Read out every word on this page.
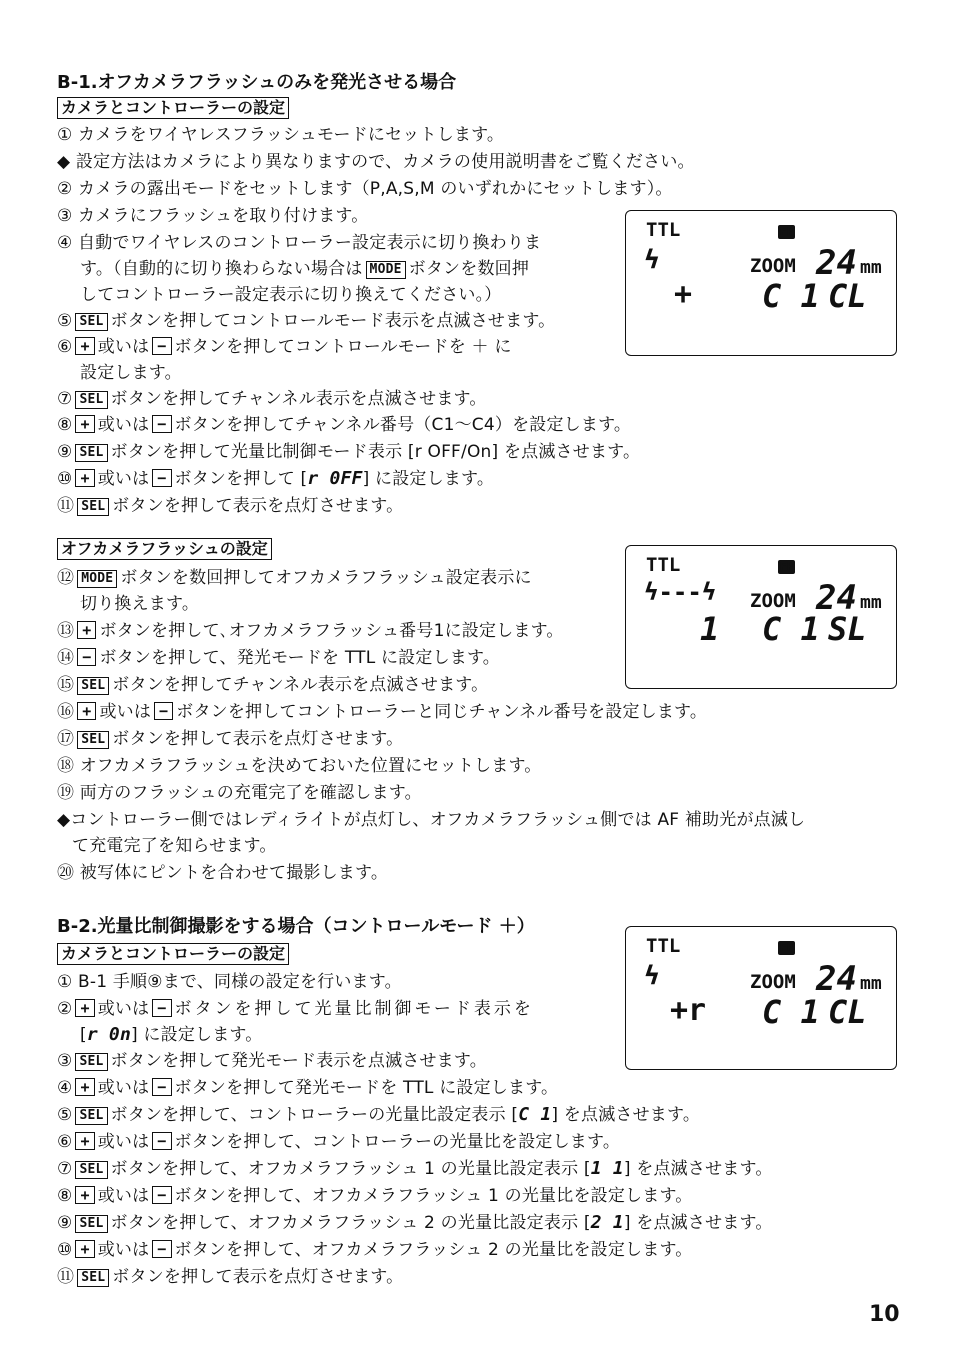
B-1.オフカメラフラッシュのみを発光させる場合
カメラとコントローラーの設定
① カメラをワイヤレスフラッシュモードにセットします。
◆ 設定方法はカメラにより異なりますので、カメラの使用説明書をご覧ください。
② カメラの露出モードをセットします（P,A,S,M のいずれかにセットします）。
③ カメラにフラッシュを取り付けます。
④ 自動でワイヤレスのコントローラー設定表示に切り換わりま
す。（自動的に切り換わらない場合は MODE ボタンを数回押
してコントローラー設定表示に切り換えてください。）
⑤ SEL ボタンを押してコントロールモード表示を点滅させます。
⑥ + 或いは − ボタンを押してコントロールモードを ＋ に
設定します。
⑦ SEL ボタンを押してチャンネル表示を点滅させます。
⑧ + 或いは − ボタンを押してチャンネル番号（C1〜C4）を設定します。
⑨ SEL ボタンを押して光量比制御モード表示 [r OFF/On] を点滅させます。
⑩ + 或いは − ボタンを押して [r 0FF] に設定します。
⑪ SEL ボタンを押して表示を点灯させます。
TTL	FP
ϟ	ZOOM 24 mm
+ C 1 CL
オフカメラフラッシュの設定
⑫ MODE ボタンを数回押してオフカメラフラッシュ設定表示に
切り換えます。
⑬ + ボタンを押して､オフカメラフラッシュ番号1に設定します。
⑭ − ボタンを押して、発光モードを TTL に設定します。
⑮ SEL ボタンを押してチャンネル表示を点滅させます。
⑯ + 或いは − ボタンを押してコントローラーと同じチャンネル番号を設定します。
⑰ SEL ボタンを押して表示を点灯させます。
⑱ オフカメラフラッシュを決めておいた位置にセットします。
⑲ 両方のフラッシュの充電完了を確認します。
◆コントローラー側ではレディライトが点灯し、オフカメラフラッシュ側では AF 補助光が点滅し
て充電完了を知らせます。
⑳ 被写体にピントを合わせて撮影します。
TTL	FP
ϟ---ϟ ZOOM 24 mm
1 C 1 SL
B-2.光量比制御撮影をする場合（コントロールモード ＋）
カメラとコントローラーの設定
① B-1 手順⑨まで、同様の設定を行います。
② + 或いは − ボタンを押して光量比制御モード表示を
[r 0n] に設定します。
③ SEL ボタンを押して発光モード表示を点滅させます。
④ + 或いは − ボタンを押して発光モードを TTL に設定します。
⑤ SEL ボタンを押して、コントローラーの光量比設定表示 [C 1] を点滅させます。
⑥ + 或いは − ボタンを押して、コントローラーの光量比を設定します。
⑦ SEL ボタンを押して、オフカメラフラッシュ 1 の光量比設定表示 [1 1] を点滅させます。
⑧ + 或いは − ボタンを押して、オフカメラフラッシュ 1 の光量比を設定します。
⑨ SEL ボタンを押して、オフカメラフラッシュ 2 の光量比設定表示 [2 1] を点滅させます。
⑩ + 或いは − ボタンを押して、オフカメラフラッシュ 2 の光量比を設定します。
⑪ SEL ボタンを押して表示を点灯させます。
TTL	FP
ϟ	ZOOM 24 mm
+r C 1 CL
10
